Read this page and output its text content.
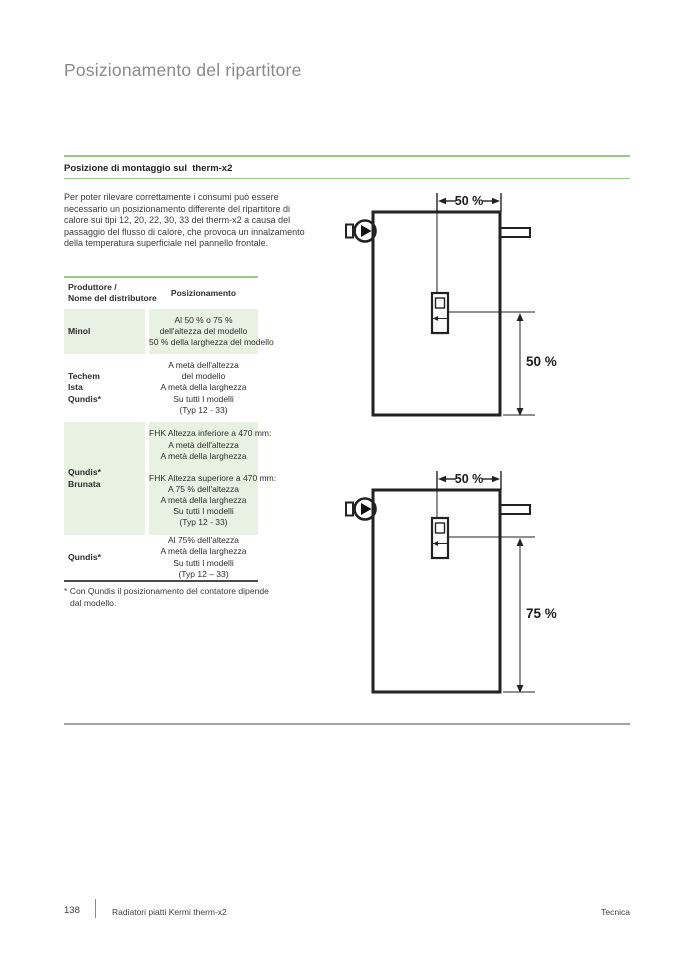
Posizionamento del ripartitore
Posizione di montaggio sul  therm-x2
Per poter rilevare correttamente i consumi può essere
necessario un posizionamento differente del ripartitore di
calore sui tipi 12, 20, 22, 30, 33 dei therm-x2 a causa del
passaggio del flusso di calore, che provoca un innalzamento
della temperatura superficiale nel pannello frontale.
Produttore /
Nome del distributore
Posizionamento
Minol
Al 50 % o 75 %
dell'altezza del modello
50 % della larghezza del modello
Techem
Ista
Qundis*
A metà dell'altezza
del modello
A metà della larghezza
Su tutti I modelli
(Typ 12 - 33)
Qundis*
Brunata
FHK Altezza inferiore a 470 mm:
A metà dell'altezza
A metà della larghezza
FHK Altezza superiore a 470 mm:
A 75 % dell'altezza
A metà della larghezza
Su tutti I modelli
(Typ 12 - 33)
Qundis*
Al 75% dell'altezza
A metà della larghezza
Su tutti I modelli
(Typ 12 – 33)
* Con Qundis il posizionamento del contatore dipende
dal modello.
50 %
50 %
50 %
75 %
138	Radiatori piatti Kermi therm-x2	Tecnica
